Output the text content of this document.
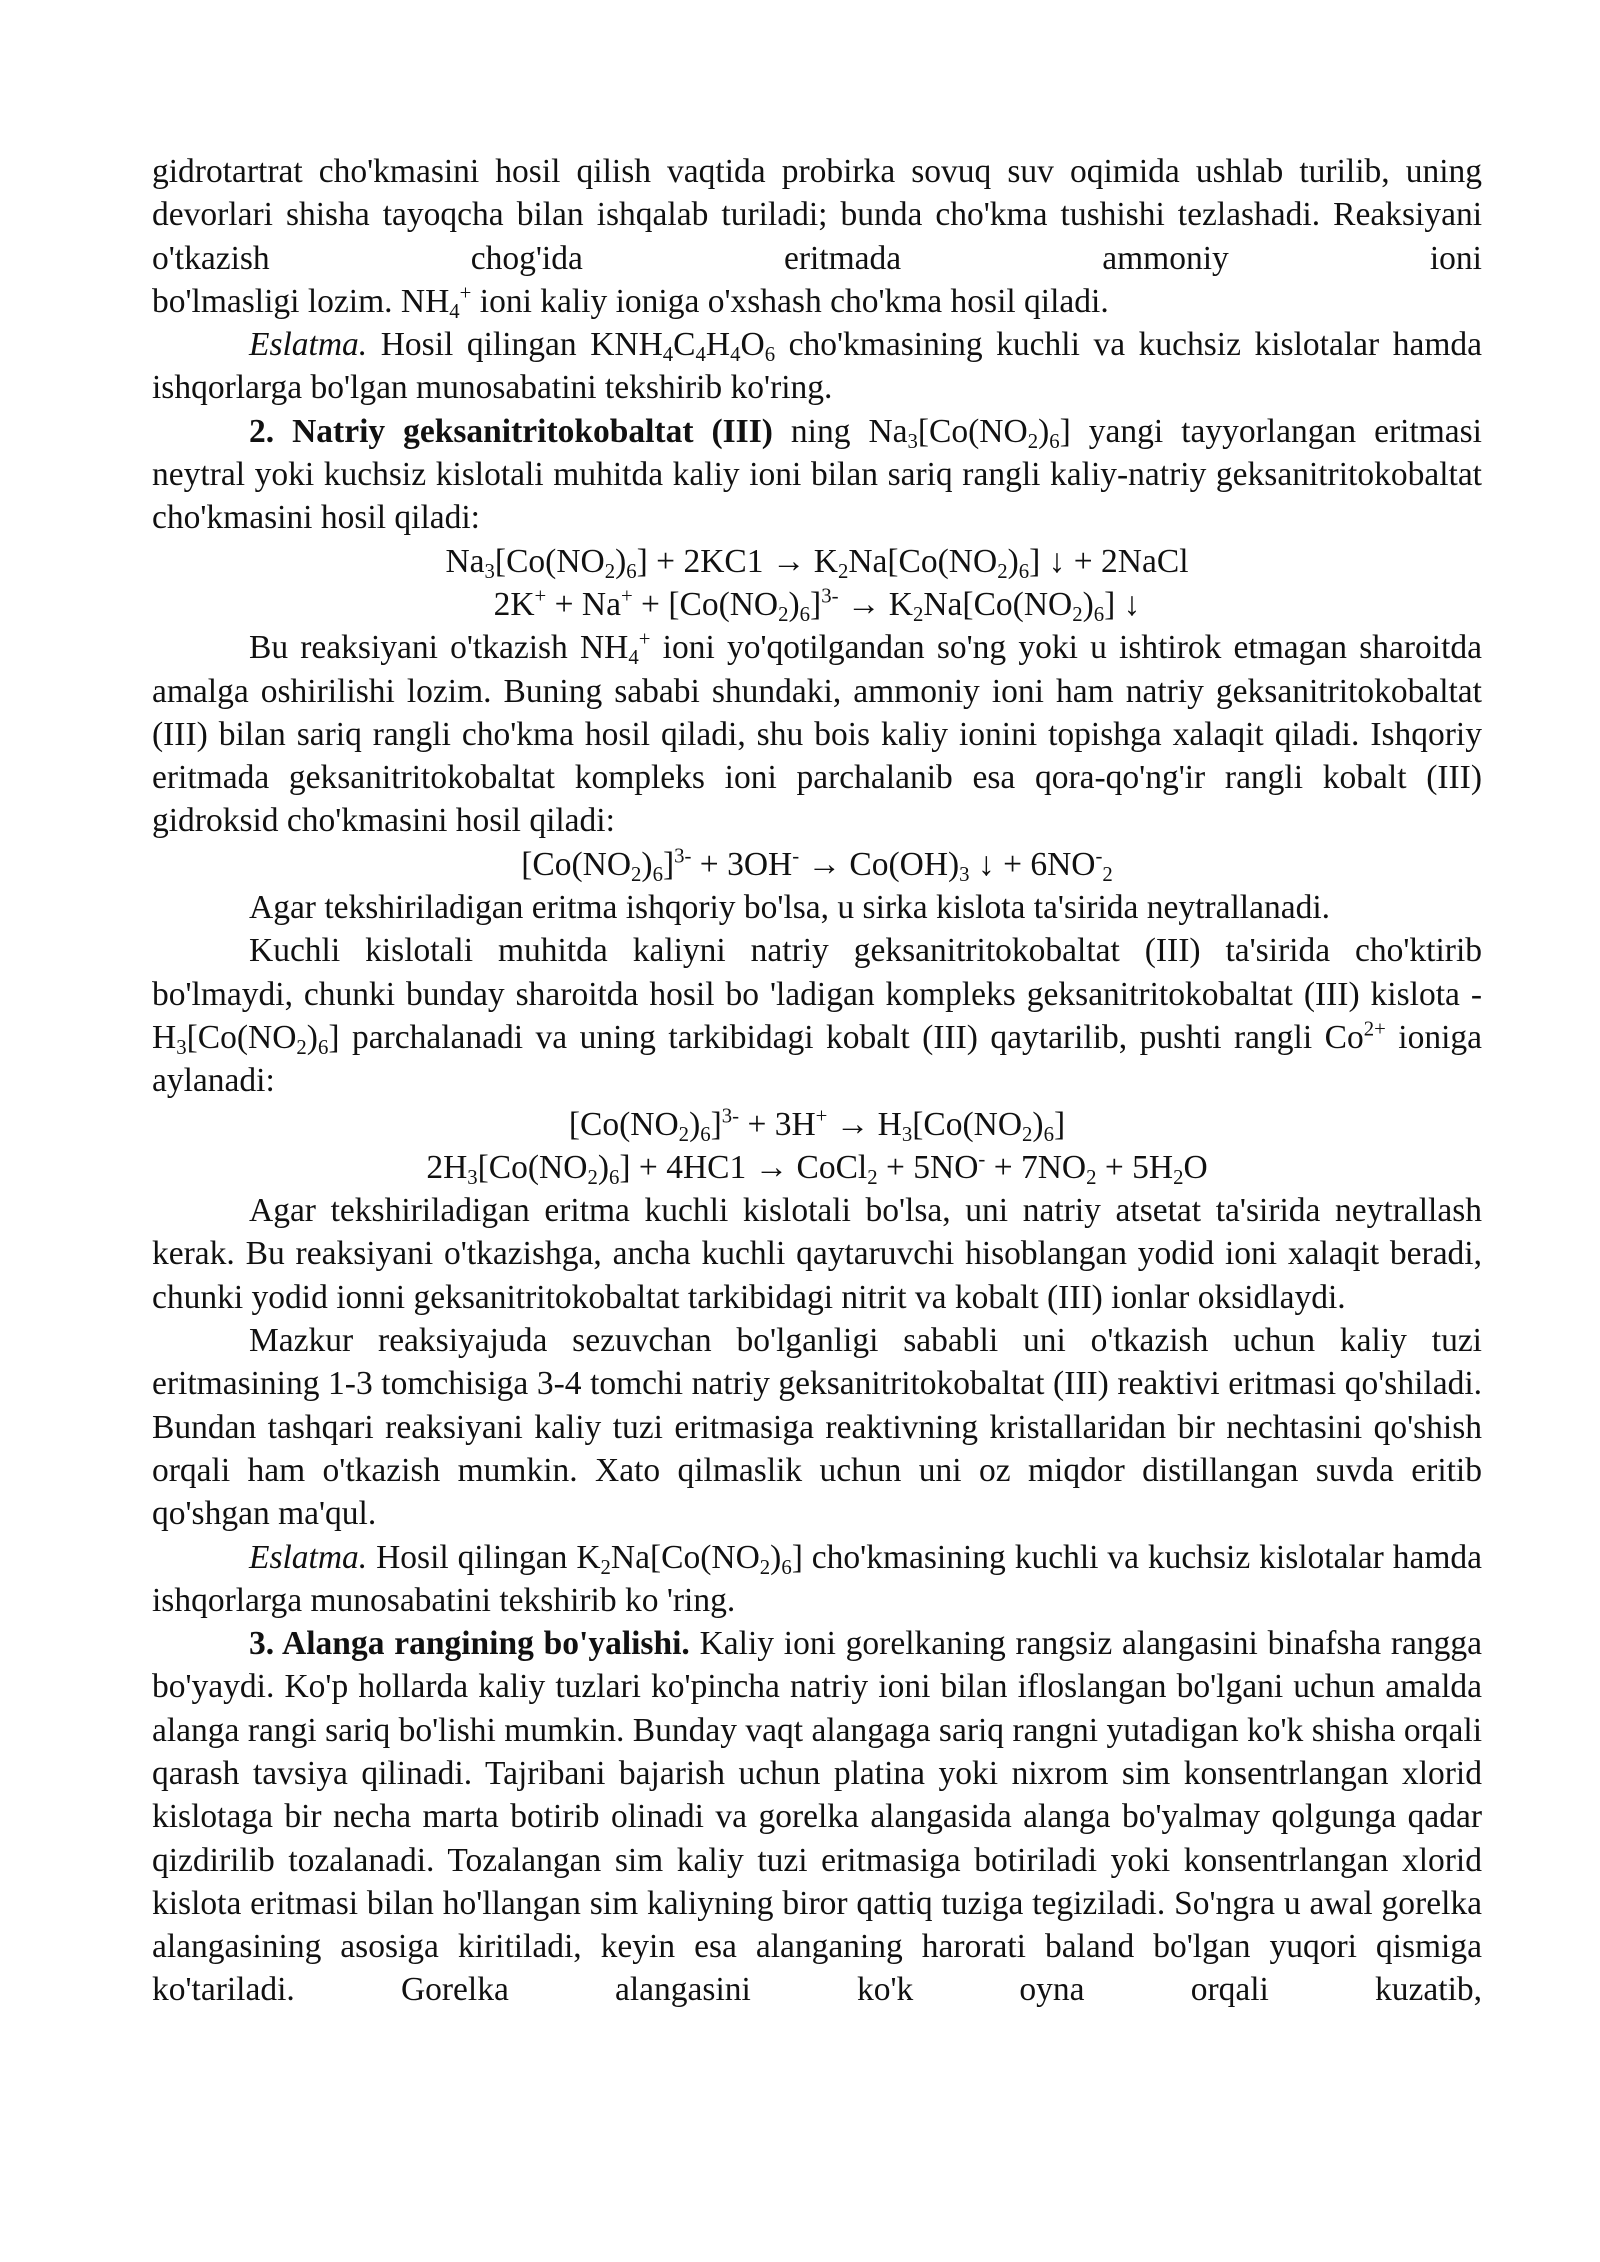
gidrotartrat cho'kmasini hosil qilish vaqtida probirka sovuq suv oqimida ushlab turilib, uning devorlari shisha tayoqcha bilan ishqalab turiladi; bunda cho'kma tushishi tezlashadi. Reaksiyani o'tkazish chog'ida eritmada ammoniy ioni

bo'lmasligi lozim. $NH_4^+$ ioni kaliy ioniga o'xshash cho'kma hosil qiladi.

Eslatma. Hosil qilingan $KNH_4C_4H_4O_6$ cho'kmasining kuchli va kuchsiz kislotalar hamda ishqorlarga bo'lgan munosabatini tekshirib ko'ring.

2. Natriy geksanitritokobaltat (III) ning $Na_3[Co(NO_2)_6]$ yangi tayyorlangan eritmasi neytral yoki kuchsiz kislotali muhitda kaliy ioni bilan sariq rangli kaliy-natriy geksanitritokobaltat cho'kmasini hosil qiladi:

$Na_3[Co(NO_2)_6] + 2KC1 \to K_2Na[Co(NO_2)_6]$ ↓ + 2NaCl
$2K^+ + Na^+ + [Co(NO_2)_6]^{3-} \to K_2Na[Co(NO_2)_6]$ ↓

Bu reaksiyani o'tkazish $NH_4^+$ ioni yo'qotilgandan so'ng yoki u ishtirok etmagan sharoitda amalga oshirilishi lozim. Buning sababi shundaki, ammoniy ioni ham natriy geksanitritokobaltat (III) bilan sariq rangli cho'kma hosil qiladi, shu bois kaliy ionini topishga xalaqit qiladi. Ishqoriy eritmada geksanitritokobaltat kompleks ioni parchalanib esa qora-qo'ng'ir rangli kobalt (III) gidroksid cho'kmasini hosil qiladi:

$[Co(NO_2)_6]^{3-} + 3OH^- \to Co(OH)_3$ ↓ + $6NO^-_2$

Agar tekshiriladigan eritma ishqoriy bo'lsa, u sirka kislota ta'sirida neytrallanadi.

Kuchli kislotali muhitda kaliyni natriy geksanitritokobaltat (III) ta'sirida cho'ktirib bo'lmaydi, chunki bunday sharoitda hosil bo 'ladigan kompleks geksanitritokobaltat (III) kislota - $H_3[Co(NO_2)_6]$ parchalanadi va uning tarkibidagi kobalt (III) qaytarilib, pushti rangli $Co^{2+}$ ioniga aylanadi:

$[Co(NO_2)_6]^{3-} + 3H^+ \to H_3[Co(NO_2)_6]$
$2H_3[Co(NO_2)_6] + 4HC1$ → CoCl$_2$ + $5NO^- + 7NO_2 + 5H_2O$

Agar tekshiriladigan eritma kuchli kislotali bo'lsa, uni natriy atsetat ta'sirida neytrallash kerak. Bu reaksiyani o'tkazishga, ancha kuchli qaytaruvchi hisoblangan yodid ioni xalaqit beradi, chunki yodid ionni geksanitritokobaltat tarkibidagi nitrit va kobalt (III) ionlar oksidlaydi.

Mazkur reaksiyajuda sezuvchan bo'lganligi sababli uni o'tkazish uchun kaliy tuzi eritmasining 1-3 tomchisiga 3-4 tomchi natriy geksanitritokobaltat (III) reaktivi eritmasi qo'shiladi. Bundan tashqari reaksiyani kaliy tuzi eritmasiga reaktivning kristallaridan bir nechtasini qo'shish orqali ham o'tkazish mumkin. Xato qilmaslik uchun uni oz miqdor distillangan suvda eritib qo'shgan ma'qul.

Eslatma. Hosil qilingan $K_2Na[Co(NO_2)_6]$ cho'kmasining kuchli va kuchsiz kislotalar hamda ishqorlarga munosabatini tekshirib ko 'ring.

3. Alanga rangining bo'yalishi. Kaliy ioni gorelkaning rangsiz alangasini binafsha rangga bo'yaydi. Ko'p hollarda kaliy tuzlari ko'pincha natriy ioni bilan ifloslangan bo'lgani uchun amalda alanga rangi sariq bo'lishi mumkin. Bunday vaqt alangaga sariq rangni yutadigan ko'k shisha orqali qarash tavsiya qilinadi. Tajribani bajarish uchun platina yoki nixrom sim konsentrlangan xlorid kislotaga bir necha marta botirib olinadi va gorelka alangasida alanga bo'yalmay qolgunga qadar qizdirilib tozalanadi. Tozalangan sim kaliy tuzi eritmasiga botiriladi yoki konsentrlangan xlorid kislota eritmasi bilan ho'llangan sim kaliyning biror qattiq tuziga tegiziladi. So'ngra u awal gorelka alangasining asosiga kiritiladi, keyin esa alanganing harorati baland bo'lgan yuqori qismiga ko'tariladi. Gorelka alangasini ko'k oyna orqali kuzatib,
